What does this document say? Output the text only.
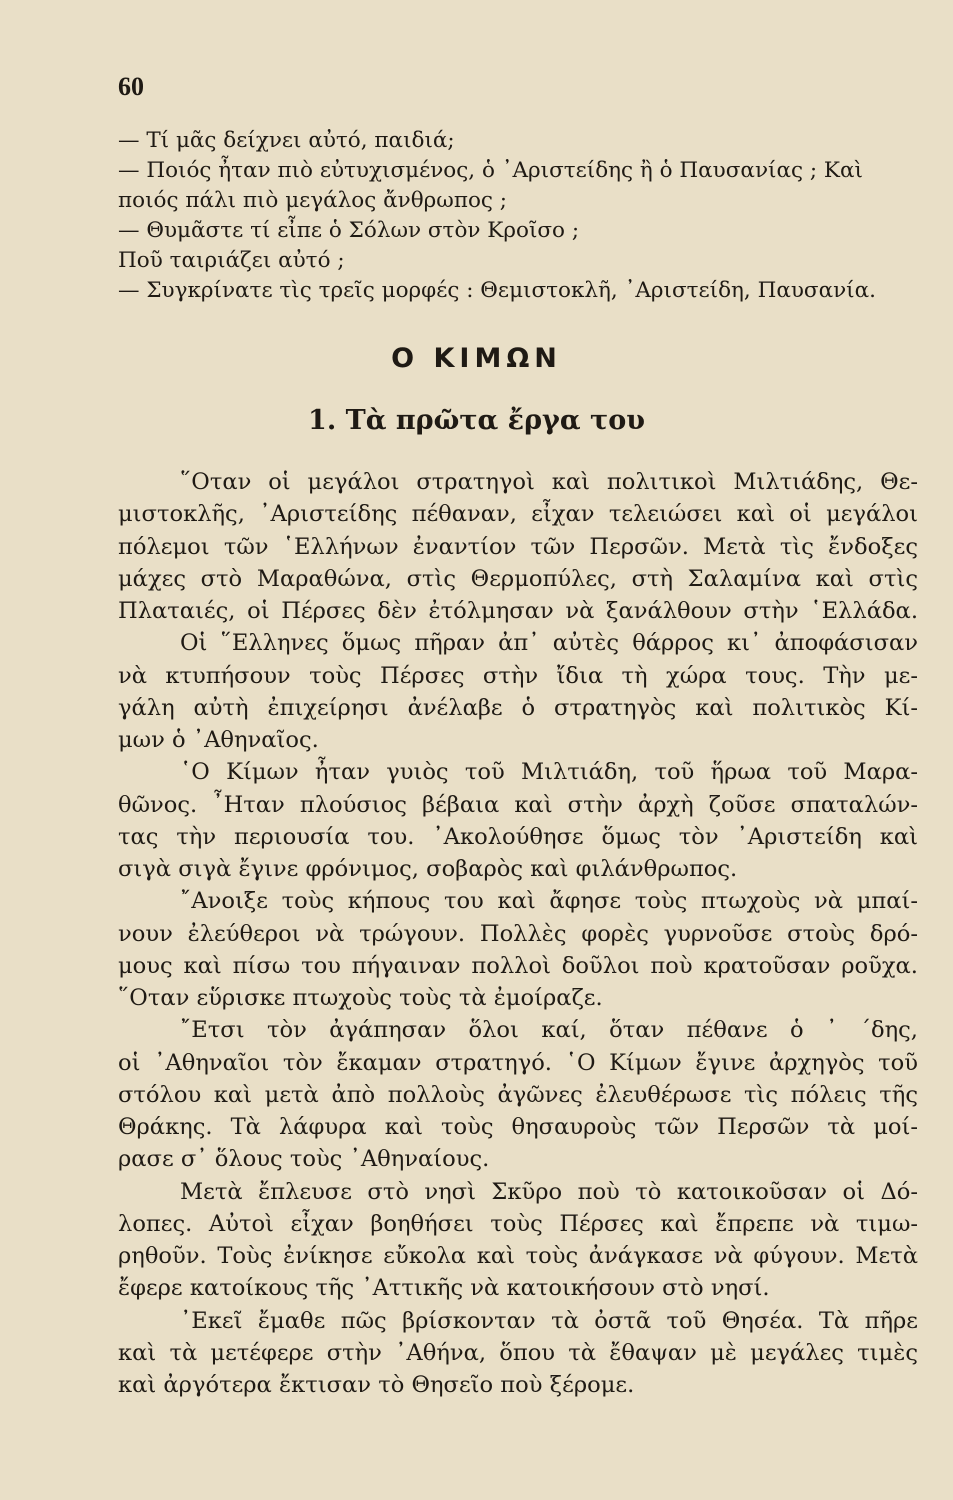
60
— Τί μᾶς δείχνει αὐτό, παιδιά;
— Ποιός ἦταν πιὸ εὐτυχισμένος, ὁ ᾿Αριστείδης ἢ ὁ Παυσανίας ; Καὶ
ποιός πάλι πιὸ μεγάλος ἄνθρωπος ;
— Θυμᾶστε τί εἶπε ὁ Σόλων στὸν Κροῖσο ;
Ποῦ ταιριάζει αὐτό ;
— Συγκρίνατε τὶς τρεῖς μορφές : Θεμιστοκλῆ, ᾿Αριστείδη, Παυσανία.
Ο ΚΙΜΩΝ
1. Τὰ πρῶτα ἔργα του
῞Οταν οἱ μεγάλοι στρατηγοὶ καὶ πολιτικοὶ Μιλτιάδης, Θε-
μιστοκλῆς, ᾿Αριστείδης πέθαναν, εἶχαν τελειώσει καὶ οἱ μεγάλοι
πόλεμοι τῶν ῾Ελλήνων ἐναντίον τῶν Περσῶν. Μετὰ τὶς ἔνδοξες
μάχες στὸ Μαραθώνα, στὶς Θερμοπύλες, στὴ Σαλαμίνα καὶ στὶς
Πλαταιές, οἱ Πέρσες δὲν ἐτόλμησαν νὰ ξανάλθουν στὴν ῾Ελλάδα.
Οἱ ῞Ελληνες ὅμως πῆραν ἀπ᾿ αὐτὲς θάρρος κι᾿ ἀποφάσισαν
νὰ κτυπήσουν τοὺς Πέρσες στὴν ἴδια τὴ χώρα τους. Τὴν με-
γάλη αὐτὴ ἐπιχείρησι ἀνέλαβε ὁ στρατηγὸς καὶ πολιτικὸς Κί-
μων ὁ ᾿Αθηναῖος.
῾Ο Κίμων ἦταν γυιὸς τοῦ Μιλτιάδη, τοῦ ἥρωα τοῦ Μαρα-
θῶνος. ῏Ηταν πλούσιος βέβαια καὶ στὴν ἀρχὴ ζοῦσε σπαταλών-
τας τὴν περιουσία του. ᾿Ακολούθησε ὅμως τὸν ᾿Αριστείδη καὶ
σιγὰ σιγὰ ἔγινε φρόνιμος, σοβαρὸς καὶ φιλάνθρωπος.
῎Ανοιξε τοὺς κήπους του καὶ ἄφησε τοὺς πτωχοὺς νὰ μπαί-
νουν ἐλεύθεροι νὰ τρώγουν. Πολλὲς φορὲς γυρνοῦσε στοὺς δρό-
μους καὶ πίσω του πήγαιναν πολλοὶ δοῦλοι ποὺ κρατοῦσαν ροῦχα.
῞Οταν εὕρισκε πτωχοὺς τοὺς τὰ ἐμοίραζε.
῎Ετσι τὸν ἀγάπησαν ὅλοι καί, ὅταν πέθανε ὁ ᾿ ΄δης,
οἱ ᾿Αθηναῖοι τὸν ἔκαμαν στρατηγό. ῾Ο Κίμων ἔγινε ἀρχηγὸς τοῦ
στόλου καὶ μετὰ ἀπὸ πολλοὺς ἀγῶνες ἐλευθέρωσε τὶς πόλεις τῆς
Θράκης. Τὰ λάφυρα καὶ τοὺς θησαυροὺς τῶν Περσῶν τὰ μοί-
ρασε σ᾿ ὅλους τοὺς ᾿Αθηναίους.
Μετὰ ἔπλευσε στὸ νησὶ Σκῦρο ποὺ τὸ κατοικοῦσαν οἱ Δό-
λοπες. Αὐτοὶ εἶχαν βοηθήσει τοὺς Πέρσες καὶ ἔπρεπε νὰ τιμω-
ρηθοῦν. Τοὺς ἐνίκησε εὔκολα καὶ τοὺς ἀνάγκασε νὰ φύγουν. Μετὰ
ἔφερε κατοίκους τῆς ᾿Αττικῆς νὰ κατοικήσουν στὸ νησί.
᾿Εκεῖ ἔμαθε πῶς βρίσκονταν τὰ ὀστᾶ τοῦ Θησέα. Τὰ πῆρε
καὶ τὰ μετέφερε στὴν ᾿Αθήνα, ὅπου τὰ ἔθαψαν μὲ μεγάλες τιμὲς
καὶ ἀργότερα ἔκτισαν τὸ Θησεῖο ποὺ ξέρομε.
